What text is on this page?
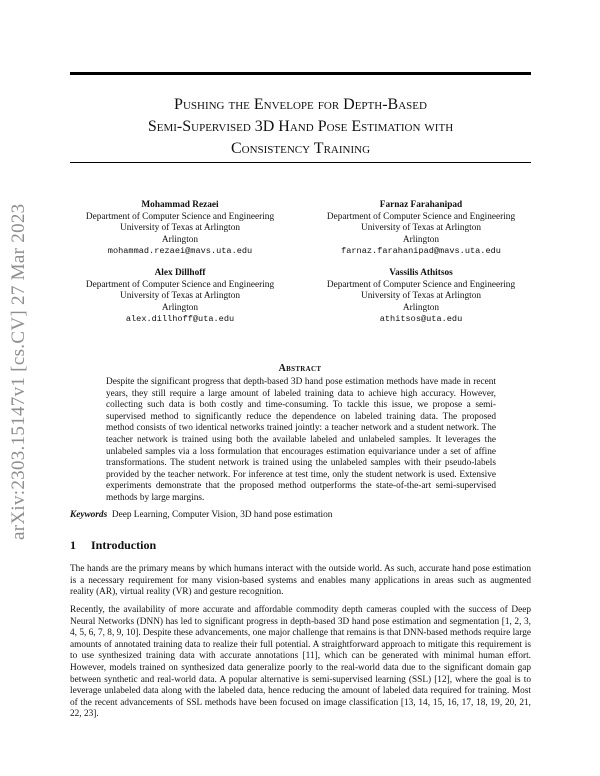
arXiv:2303.15147v1 [cs.CV] 27 Mar 2023
Pushing the Envelope for Depth-Based
Semi-Supervised 3D Hand Pose Estimation with
Consistency Training
Mohammad Rezaei
Department of Computer Science and Engineering
University of Texas at Arlington
Arlington
mohammad.rezaei@mavs.uta.edu
Farnaz Farahanipad
Department of Computer Science and Engineering
University of Texas at Arlington
Arlington
farnaz.farahanipad@mavs.uta.edu
Alex Dillhoff
Department of Computer Science and Engineering
University of Texas at Arlington
Arlington
alex.dillhoff@uta.edu
Vassilis Athitsos
Department of Computer Science and Engineering
University of Texas at Arlington
Arlington
athitsos@uta.edu
Abstract

Despite the significant progress that depth-based 3D hand pose estimation methods have made in recent years, they still require a large amount of labeled training data to achieve high accuracy. However, collecting such data is both costly and time-consuming. To tackle this issue, we propose a semi-supervised method to significantly reduce the dependence on labeled training data. The proposed method consists of two identical networks trained jointly: a teacher network and a student network. The teacher network is trained using both the available labeled and unlabeled samples. It leverages the unlabeled samples via a loss formulation that encourages estimation equivariance under a set of affine transformations. The student network is trained using the unlabeled samples with their pseudo-labels provided by the teacher network. For inference at test time, only the student network is used. Extensive experiments demonstrate that the proposed method outperforms the state-of-the-art semi-supervised methods by large margins.

Keywords Deep Learning, Computer Vision, 3D hand pose estimation
1 Introduction

The hands are the primary means by which humans interact with the outside world. As such, accurate hand pose estimation is a necessary requirement for many vision-based systems and enables many applications in areas such as augmented reality (AR), virtual reality (VR) and gesture recognition.

Recently, the availability of more accurate and affordable commodity depth cameras coupled with the success of Deep Neural Networks (DNN) has led to significant progress in depth-based 3D hand pose estimation and segmentation [1, 2, 3, 4, 5, 6, 7, 8, 9, 10]. Despite these advancements, one major challenge that remains is that DNN-based methods require large amounts of annotated training data to realize their full potential. A straightforward approach to mitigate this requirement is to use synthesized training data with accurate annotations [11], which can be generated with minimal human effort. However, models trained on synthesized data generalize poorly to the real-world data due to the significant domain gap between synthetic and real-world data. A popular alternative is semi-supervised learning (SSL) [12], where the goal is to leverage unlabeled data along with the labeled data, hence reducing the amount of labeled data required for training. Most of the recent advancements of SSL methods have been focused on image classification [13, 14, 15, 16, 17, 18, 19, 20, 21, 22, 23].
